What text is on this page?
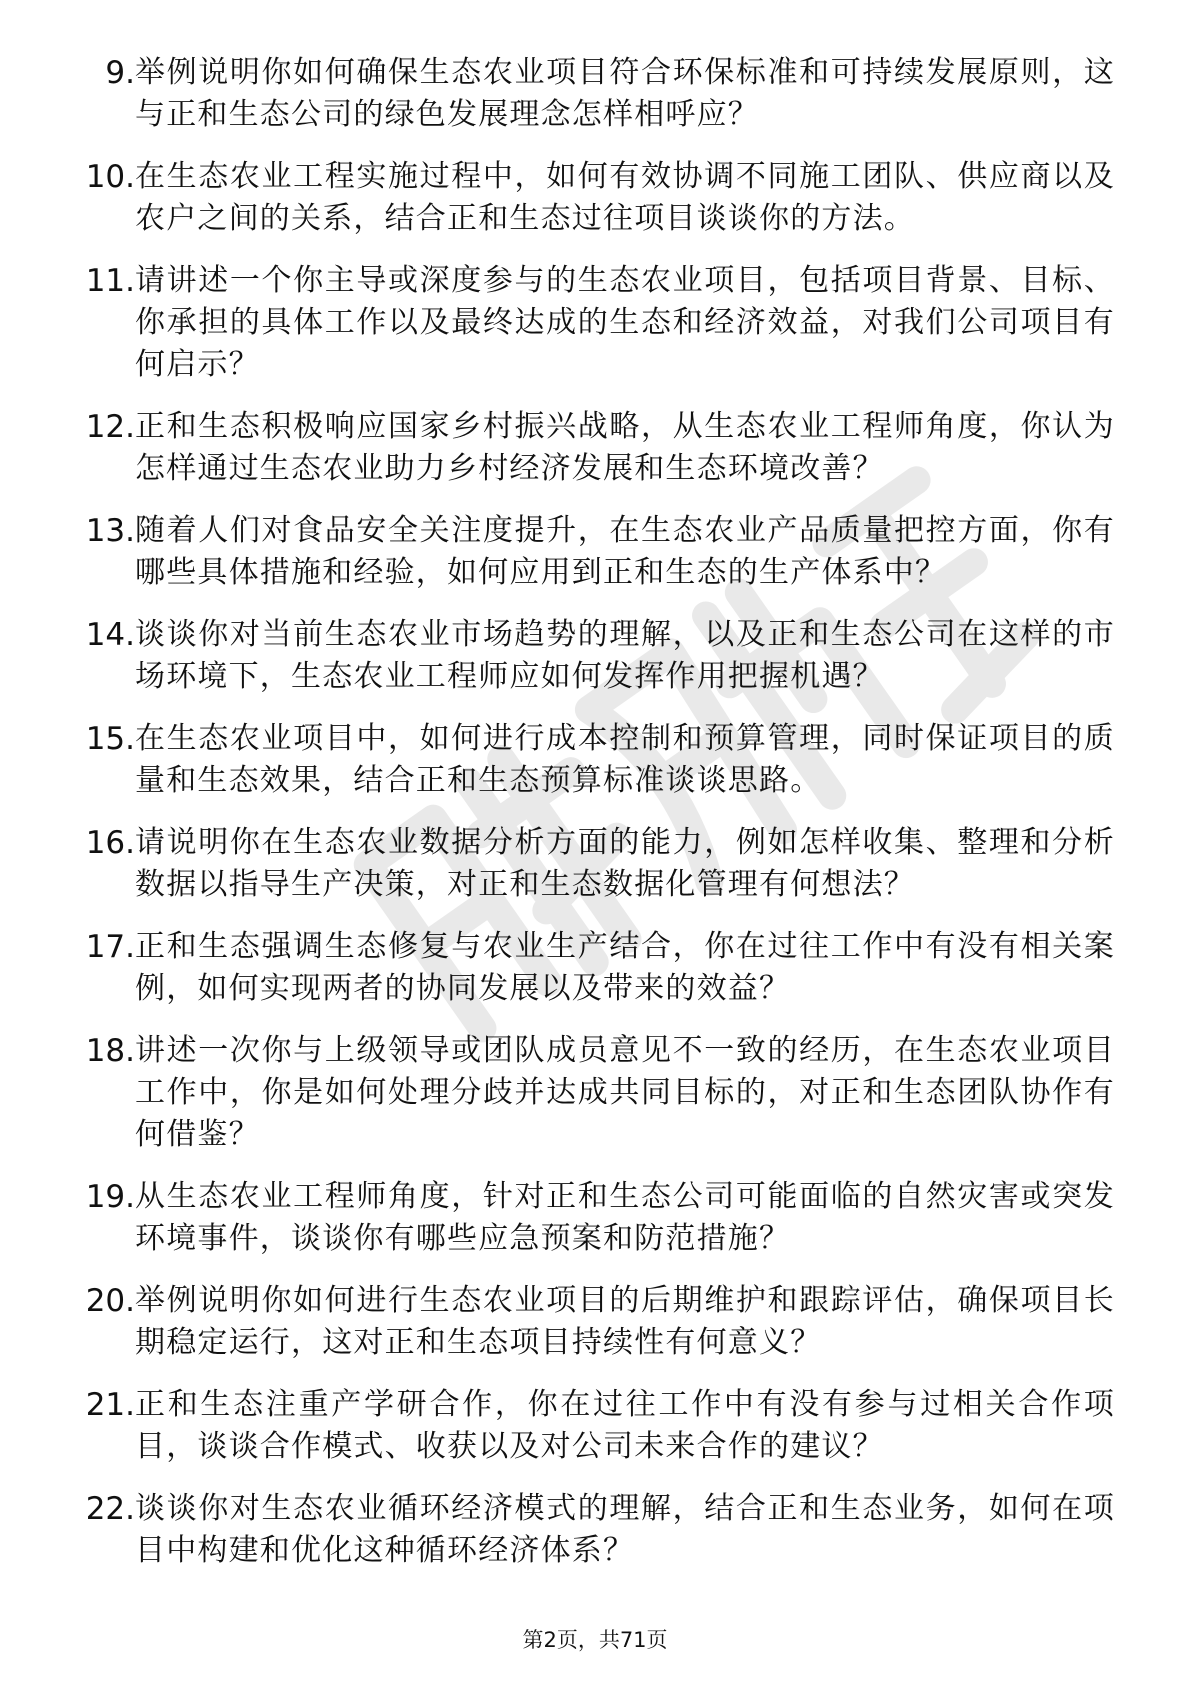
9. 举例说明你如何确保生态农业项目符合环保标准和可持续发展原则，这与正和生态公司的绿色发展理念怎样相呼应？
10. 在生态农业工程实施过程中，如何有效协调不同施工团队、供应商以及农户之间的关系，结合正和生态过往项目谈谈你的方法。
11. 请讲述一个你主导或深度参与的生态农业项目，包括项目背景、目标、你承担的具体工作以及最终达成的生态和经济效益，对我们公司项目有何启示？
12. 正和生态积极响应国家乡村振兴战略，从生态农业工程师角度，你认为怎样通过生态农业助力乡村经济发展和生态环境改善？
13. 随着人们对食品安全关注度提升，在生态农业产品质量把控方面，你有哪些具体措施和经验，如何应用到正和生态的生产体系中？
14. 谈谈你对当前生态农业市场趋势的理解，以及正和生态公司在这样的市场环境下，生态农业工程师应如何发挥作用把握机遇？
15. 在生态农业项目中，如何进行成本控制和预算管理，同时保证项目的质量和生态效果，结合正和生态预算标准谈谈思路。
16. 请说明你在生态农业数据分析方面的能力，例如怎样收集、整理和分析数据以指导生产决策，对正和生态数据化管理有何想法？
17. 正和生态强调生态修复与农业生产结合，你在过往工作中有没有相关案例，如何实现两者的协同发展以及带来的效益？
18. 讲述一次你与上级领导或团队成员意见不一致的经历，在生态农业项目工作中，你是如何处理分歧并达成共同目标的，对正和生态团队协作有何借鉴？
19. 从生态农业工程师角度，针对正和生态公司可能面临的自然灾害或突发环境事件，谈谈你有哪些应急预案和防范措施？
20. 举例说明你如何进行生态农业项目的后期维护和跟踪评估，确保项目长期稳定运行，这对正和生态项目持续性有何意义？
21. 正和生态注重产学研合作，你在过往工作中有没有参与过相关合作项目，谈谈合作模式、收获以及对公司未来合作的建议？
22. 谈谈你对生态农业循环经济模式的理解，结合正和生态业务，如何在项目中构建和优化这种循环经济体系？
第2页，共71页
